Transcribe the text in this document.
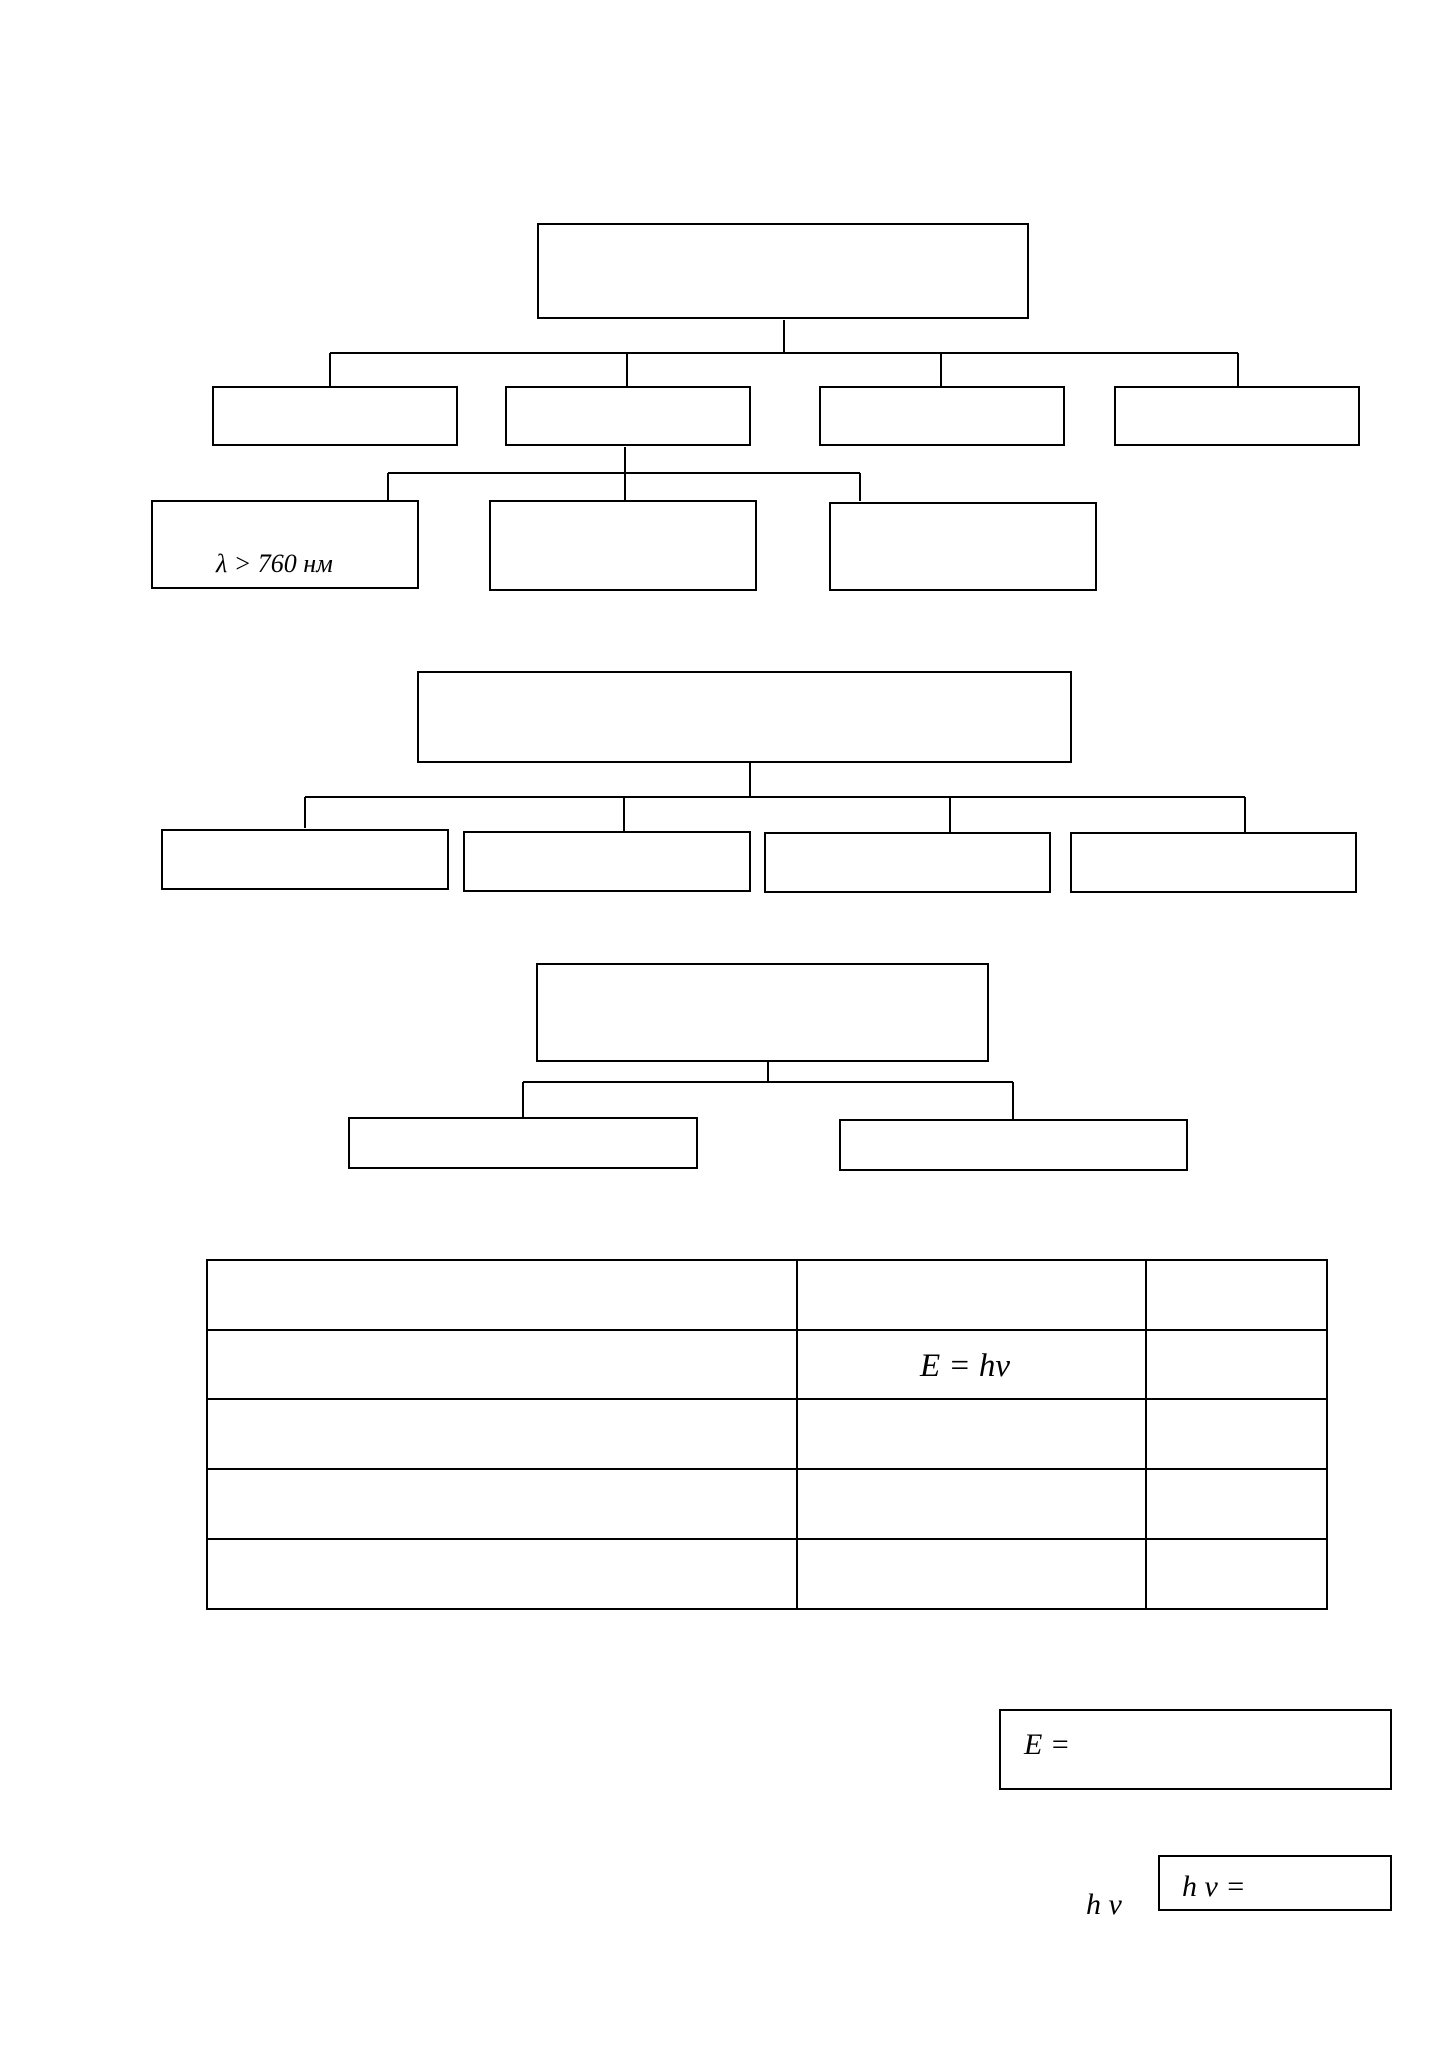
λ > 760 нм
E = hν
E =
h ν
h ν =
